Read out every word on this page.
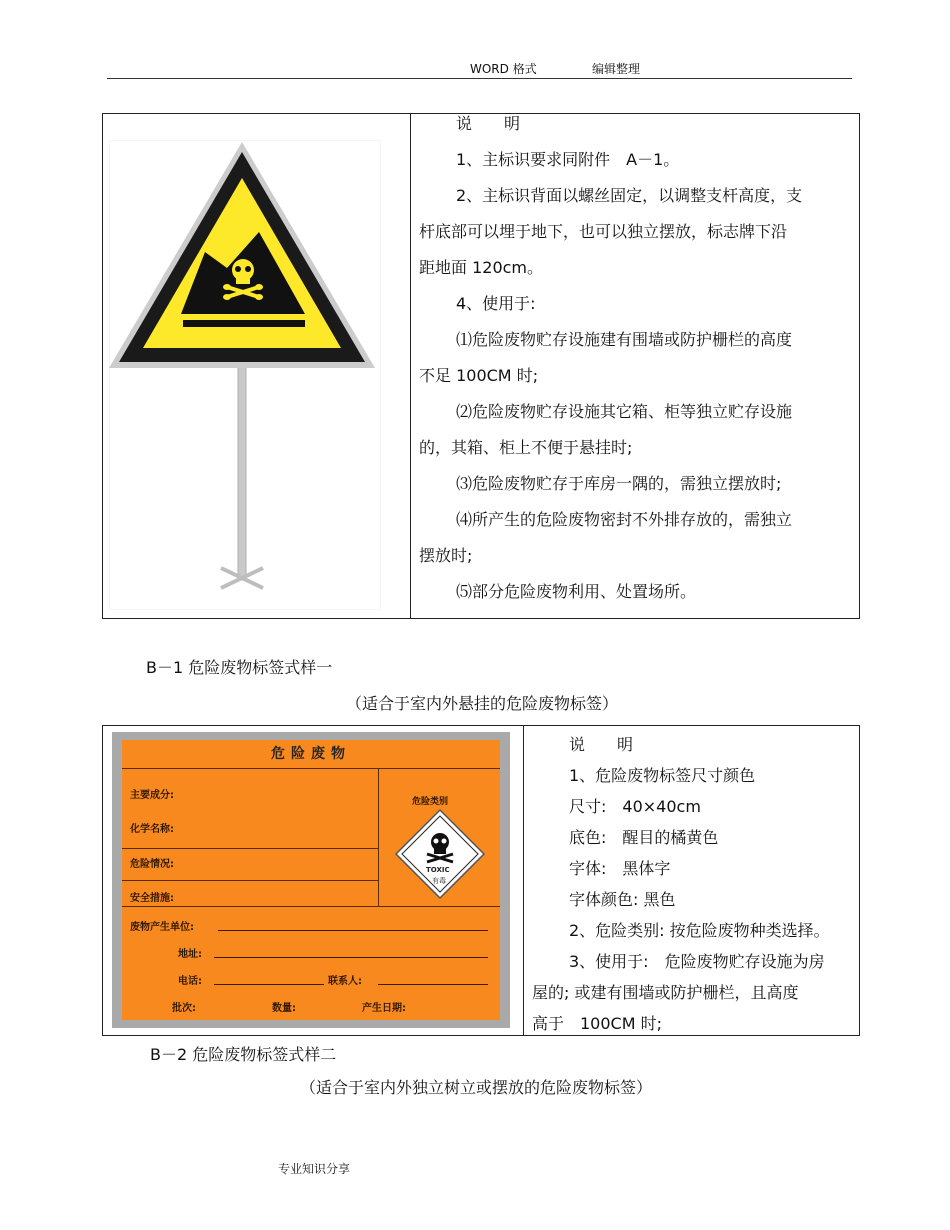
WORD 格式	编辑整理

说　　明

1、主标识要求同附件　A－1。

2、主标识背面以螺丝固定，以调整支杆高度，支

杆底部可以埋于地下，也可以独立摆放，标志牌下沿

距地面 120cm。

4、使用于:

⑴危险废物贮存设施建有围墙或防护栅栏的高度

不足 100CM 时;

⑵危险废物贮存设施其它箱、柜等独立贮存设施

的，其箱、柜上不便于悬挂时;

⑶危险废物贮存于库房一隅的，需独立摆放时;

⑷所产生的危险废物密封不外排存放的，需独立

摆放时;

⑸部分危险废物利用、处置场所。

B－1 危险废物标签式样一
（适合于室内外悬挂的危险废物标签）
危险废物
主要成分:
化学名称:
危险情况:
安全措施:
危险类别
TOXIC
有毒
废物产生单位:
地址:
电话:	联系人:
批次:	数量:	产生日期:

说　　明

1、危险废物标签尺寸颜色

尺寸:　40×40cm

底色:　醒目的橘黄色

字体:　黑体字

字体颜色: 黑色

2、危险类别: 按危险废物种类选择。

3、使用于:　危险废物贮存设施为房

屋的; 或建有围墙或防护栅栏，且高度

高于　100CM 时;

B－2 危险废物标签式样二
（适合于室内外独立树立或摆放的危险废物标签）
专业知识分享
